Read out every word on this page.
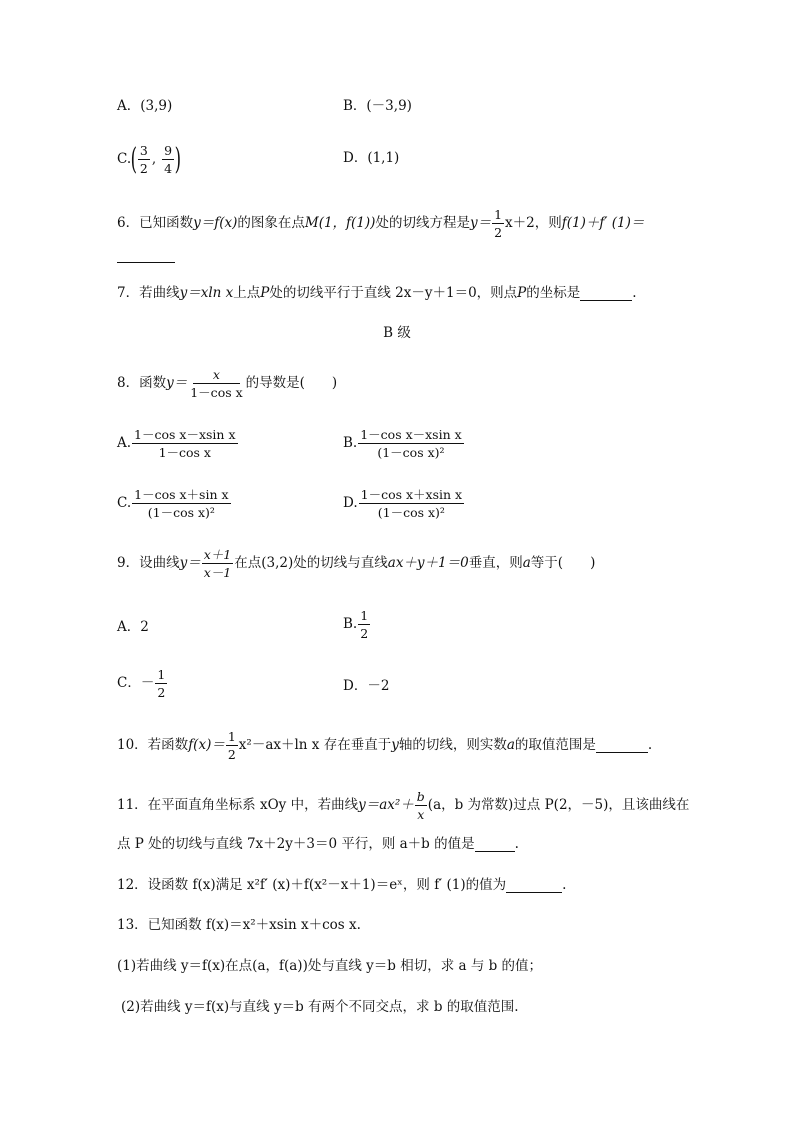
A．(3,9)	B．(－3,9)
C. ( $\frac{3}{2}$ , $\frac{9}{4}$ )	D．(1,1)
6．已知函数 y＝f(x) 的图象在点 M(1，f(1)) 处的切线方程是 $y= \frac{1}{2} x+2$，则 f(1)＋f′ (1)＝
7．若曲线 y＝xln x 上点 P 处的切线平行于直线 2x－y＋1＝0，则点 P 的坐标是	.
B 级
8．函数 $y= \frac{x}{\text{1－cos x}}$ 的导数是(　　)
A. $\frac{\text{1－cos x－xsin x}}{\text{1－cos x}}$	B. $\frac{\text{1－cos x－xsin x}}{\text{(1－cos x)²}}$
C. $\frac{\text{1－cos x＋sin x}}{\text{(1－cos x)²}}$	D. $\frac{\text{1－cos x＋xsin x}}{\text{(1－cos x)²}}$
9．设曲线 $y= \frac{x+1}{x-1}$ 在点(3,2)处的切线与直线 ax＋y＋1＝0 垂直，则 a 等于(　　)
A．2	B. $\frac{1}{2}$
C．－ $\frac{1}{2}$	D．－2
10．若函数 $f(x)= \frac{1}{2} x^2-ax+\ln$ x 存在垂直于 y 轴的切线，则实数 a 的取值范围是	.
11．在平面直角坐标系 xOy 中，若曲线 $y=ax^2+ \frac{b}{x} (a$，b 为常数)过点 P(2，－5)，且该曲线在
点 P 处的切线与直线 7x＋2y＋3＝0 平行，则 a＋b 的值是	.
12．设函数 f(x)满足 x²f′ (x)＋f(x²－x＋1)＝eˣ，则 f′ (1)的值为	.
13．已知函数 f(x)＝x²＋xsin x＋cos x.
(1)若曲线 y＝f(x)在点(a，f(a))处与直线 y＝b 相切，求 a 与 b 的值；
(2)若曲线 y＝f(x)与直线 y＝b 有两个不同交点，求 b 的取值范围.
